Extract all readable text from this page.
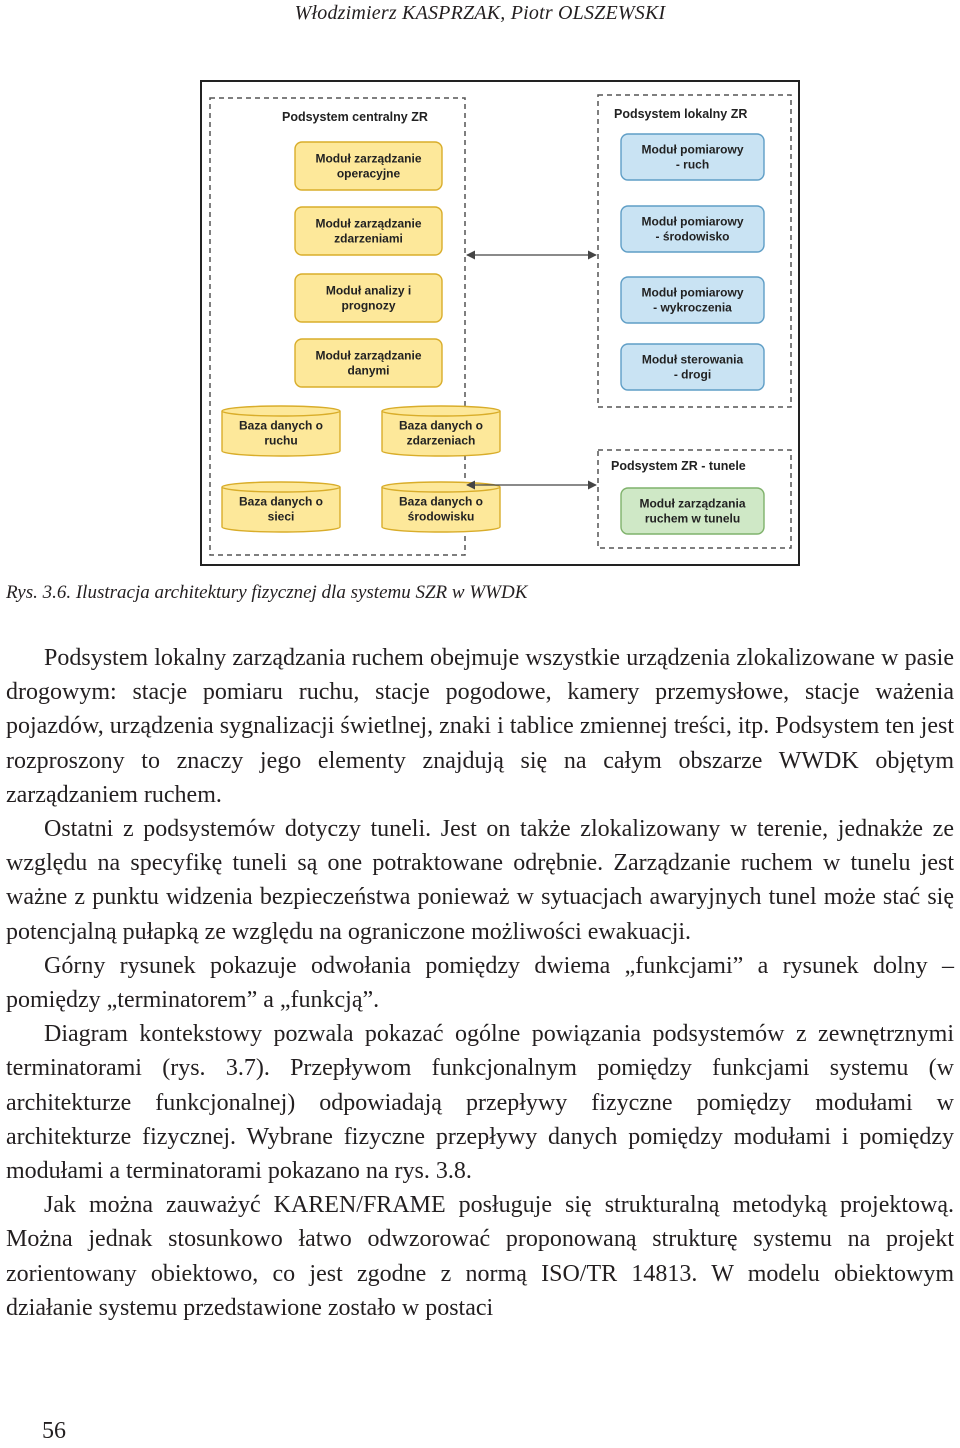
Włodzimierz KASPRZAK, Piotr OLSZEWSKI
Podsystem centralny ZR
Moduł zarządzanie
operacyjne
Moduł zarządzanie
zdarzeniami
Moduł analizy i
prognozy
Moduł zarządzanie
danymi
Baza danych o
ruchu
Baza danych o
zdarzeniach
Baza danych o
sieci
Baza danych o
środowisku
Podsystem lokalny ZR
Moduł pomiarowy
- ruch
Moduł pomiarowy
- środowisko
Moduł pomiarowy
- wykroczenia
Moduł sterowania
- drogi
Podsystem ZR - tunele
Moduł zarządzania
ruchem w tunelu
Rys. 3.6. Ilustracja architektury fizycznej dla systemu SZR w WWDK

Podsystem lokalny zarządzania ruchem obejmuje wszystkie urządzenia zlokalizowane w pasie drogowym: stacje pomiaru ruchu, stacje pogodowe, kamery przemysłowe, stacje ważenia pojazdów, urządzenia sygnalizacji świetlnej, znaki i tablice zmiennej treści, itp. Podsystem ten jest rozproszony to znaczy jego elementy znajdują się na całym obszarze WWDK objętym zarządzaniem ruchem.

Ostatni z podsystemów dotyczy tuneli. Jest on także zlokalizowany w terenie, jednakże ze względu na specyfikę tuneli są one potraktowane odrębnie. Zarządzanie ruchem w tunelu jest ważne z punktu widzenia bezpieczeństwa ponieważ w sytuacjach awaryjnych tunel może stać się potencjalną pułapką ze względu na ograniczone możliwości ewakuacji.

Górny rysunek pokazuje odwołania pomiędzy dwiema „funkcjami” a rysunek dolny – pomiędzy „terminatorem” a „funkcją”.

Diagram kontekstowy pozwala pokazać ogólne powiązania podsystemów z zewnętrznymi terminatorami (rys. 3.7). Przepływom funkcjonalnym pomiędzy funkcjami systemu (w architekturze funkcjonalnej) odpowiadają przepływy fizyczne pomiędzy modułami w architekturze fizycznej. Wybrane fizyczne przepływy danych pomiędzy modułami i pomiędzy modułami a terminatorami pokazano na rys. 3.8.

Jak można zauważyć KAREN/FRAME posługuje się strukturalną metodyką projektową. Można jednak stosunkowo łatwo odwzorować proponowaną strukturę systemu na projekt zorientowany obiektowo, co jest zgodne z normą ISO/TR 14813. W modelu obiektowym działanie systemu przedstawione zostało w postaci

56
